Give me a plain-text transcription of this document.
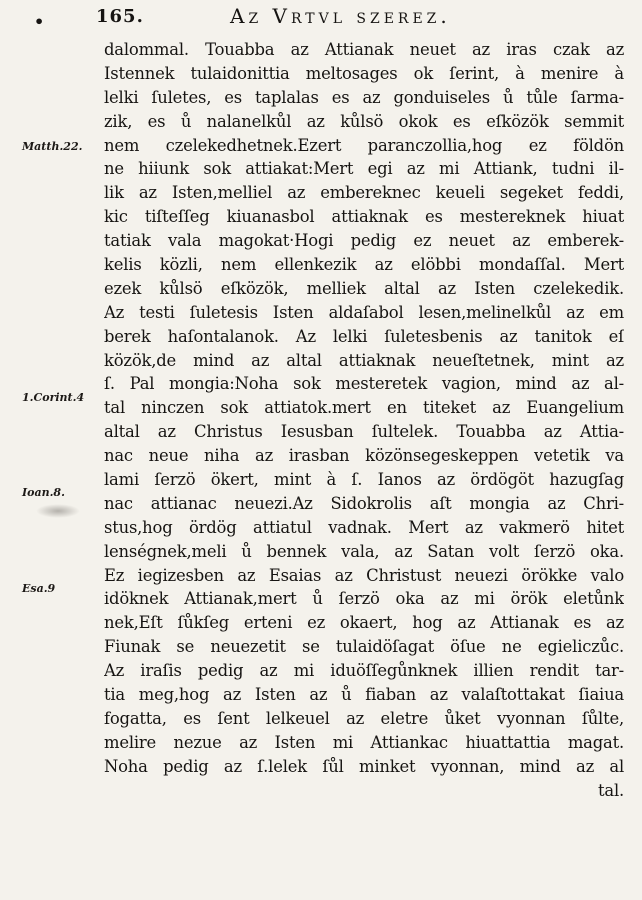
•	165.	Az Vrtvl szerez.
Matth.22.
1.Corint.4
Ioan.8.
Esa.9
dalommal. Touabba az Attianak neuet az iras czak az
Istennek tulaidonittia meltosages ok ſerint, à menire à
lelki ſuletes, es taplalas es az gonduiseles ů tůle ſarma-
zik, es ů nalanelkůl az kůlsö okok es eſközök semmit
nem czelekedhetnek.Ezert paranczollia,hog ez földön
ne hiiunk sok attiakat:Mert egi az mi Attiank, tudni il-
lik az Isten,melliel az embereknec keueli segeket feddi,
kic tiſteſſeg kiuanasbol attiaknak es mestereknek hiuat
tatiak vala magokat·Hogi pedig ez neuet az emberek-
kelis közli, nem ellenkezik az elöbbi mondaſſal. Mert
ezek kůlsö eſközök, melliek altal az Isten czelekedik.
Az testi ſuletesis Isten aldaſabol lesen,melinelkůl az em
berek haſontalanok. Az lelki ſuletesbenis az tanitok eſ
közök,de mind az altal attiaknak neueſtetnek, mint az
ſ. Pal mongia:Noha sok mesteretek vagion, mind az al-
tal ninczen sok attiatok.mert en titeket az Euangelium
altal az Christus Iesusban ſultelek. Touabba az Attia-
nac neue niha az irasban közönsegeskeppen vetetik va
lami ſerzö ökert, mint à ſ. Ianos az ördögöt hazugſag
nac attianac neuezi.Az Sidokrolis aſt mongia az Chri-
stus,hog ördög attiatul vadnak. Mert az vakmerö hitet
lenségnek,meli ů bennek vala, az Satan volt ſerzö oka.
Ez iegizesben az Esaias az Christust neuezi örökke valo
idöknek Attianak,mert ů ſerzö oka az mi örök eletůnk
nek,Eſt ſůkſeg erteni ez okaert, hog az Attianak es az
Fiunak se neuezetit se tulaidöſagat öſue ne egieliczůc.
Az iraſis pedig az mi iduöſſegůnknek illien rendit tar-
tia meg,hog az Isten az ů fiaban az valaſtottakat ſiaiua
fogatta, es ſent lelkeuel az eletre ůket vyonnan ſůlte,
melire nezue az Isten mi Attiankac hiuattattia magat.
Noha pedig az ſ.lelek ſůl minket vyonnan, mind az al
tal.
